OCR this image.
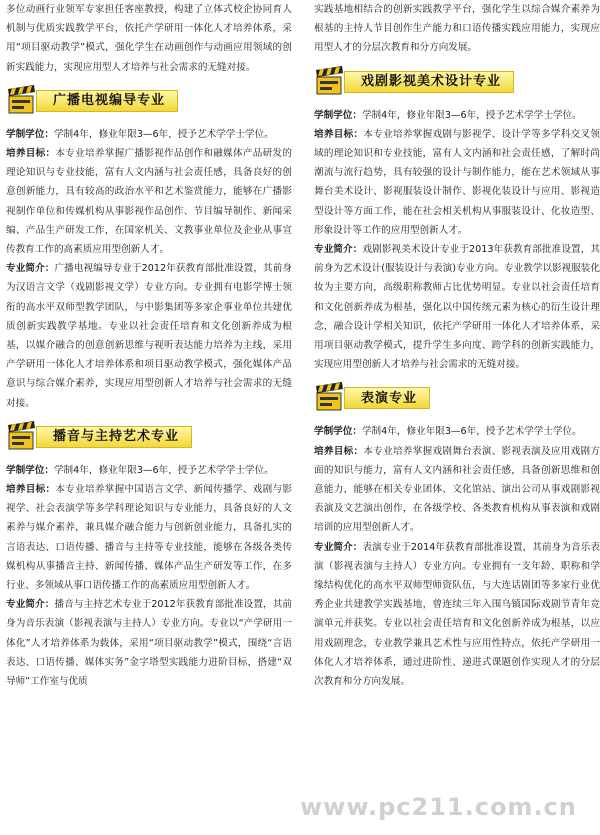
多位动画行业领军专家担任客座教授，构建了立体式校企协同育人机制与优质实践教学平台，依托产学研用一体化人才培养体系，采用“项目驱动教学”模式，强化学生在动画创作与动画应用领域的创新实践能力，实现应用型人才培养与社会需求的无缝对接。

广播电视编导专业

学制学位：学制4年，修业年限3—6年，授予艺术学学士学位。

培养目标：本专业培养掌握广播影视作品创作和融媒体产品研发的理论知识与专业技能，富有人文内涵与社会责任感，具备良好的创意创新能力，具有较高的政治水平和艺术鉴赏能力，能够在广播影视制作单位和传媒机构从事影视作品创作、节目编导制作、新闻采编、产品生产研发工作，在国家机关、文教事业单位及企业从事宣传教育工作的高素质应用型创新人才。

专业简介：广播电视编导专业于2012年获教育部批准设置，其前身为汉语言文学（戏剧影视文学）专业方向。专业拥有电影学博士领衔的高水平双师型教学团队，与中影集团等多家企事业单位共建优质创新实践教学基地。专业以社会责任培育和文化创新养成为根基，以媒介融合的创意创新思维与视听表达能力培养为主线，采用产学研用一体化人才培养体系和项目驱动教学模式，强化媒体产品意识与综合媒介素养，实现应用型创新人才培养与社会需求的无缝对接。

播音与主持艺术专业

学制学位：学制4年，修业年限3—6年，授予艺术学学士学位。

培养目标：本专业培养掌握中国语言文学、新闻传播学、戏剧与影视学、社会表演学等多学科理论知识与专业能力，具备良好的人文素养与媒介素养，兼具媒介融合能力与创新创业能力，具备扎实的言语表达、口语传播、播音与主持等专业技能，能够在各级各类传媒机构从事播音主持、新闻传播、媒体产品生产研发等工作，在多行业、多领域从事口语传播工作的高素质应用型创新人才。

专业简介：播音与主持艺术专业于2012年获教育部批准设置，其前身为音乐表演（影视表演与主持人）专业方向。专业以“产学研用一体化”人才培养体系为载体，采用“项目驱动教学”模式，围绕“言语表达、口语传播、媒体实务”金字塔型实践能力进阶目标，搭建“双导师”工作室与优质

实践基地相结合的创新实践教学平台，强化学生以综合媒介素养为根基的主持人节目创作生产能力和口语传播实践应用能力，实现应用型人才的分层次教育和分方向发展。

戏剧影视美术设计专业

学制学位：学制4年，修业年限3—6年，授予艺术学学士学位。

培养目标：本专业培养掌握戏剧与影视学、设计学等多学科交叉领域的理论知识和专业技能，富有人文内涵和社会责任感，了解时尚潮流与流行趋势，具有较强的设计与制作能力，能在艺术领域从事舞台美术设计、影视服装设计制作、影视化装设计与应用、影视造型设计等方面工作，能在社会相关机构从事服装设计、化妆造型、形象设计等工作的应用型创新人才。

专业简介：戏剧影视美术设计专业于2013年获教育部批准设置，其前身为艺术设计(服装设计与表演)专业方向。专业教学以影视服装化妆为主要方向，高级职称教师占比优势明显。专业以社会责任培育和文化创新养成为根基，强化以中国传统元素为核心的衍生设计理念，融合设计学相关知识，依托产学研用一体化人才培养体系，采用项目驱动教学模式，提升学生多向度、跨学科的创新实践能力，实现应用型创新人才培养与社会需求的无缝对接。

表演专业

学制学位：学制4年，修业年限3—6年，授予艺术学学士学位。

培养目标：本专业培养掌握戏剧舞台表演、影视表演及应用戏剧方面的知识与能力，富有人文内涵和社会责任感，具备创新思维和创意能力，能够在相关专业团体、文化馆站、演出公司从事戏剧影视表演及文艺演出创作，在各级学校、各类教育机构从事表演和戏剧培训的应用型创新人才。

专业简介：表演专业于2014年获教育部批准设置，其前身为音乐表演（影视表演与主持人）专业方向。专业拥有一支年龄、职称和学缘结构优化的高水平双师型师资队伍，与大连话剧团等多家行业优秀企业共建教学实践基地，曾连续三年入围乌镇国际戏剧节青年竞演单元并获奖。专业以社会责任培育和文化创新养成为根基，以应用戏剧理念，专业教学兼具艺术性与应用性特点，依托产学研用一体化人才培养体系，通过进阶性、递进式课题创作实现人才的分层次教育和分方向发展。

www.pc211.com.cn
